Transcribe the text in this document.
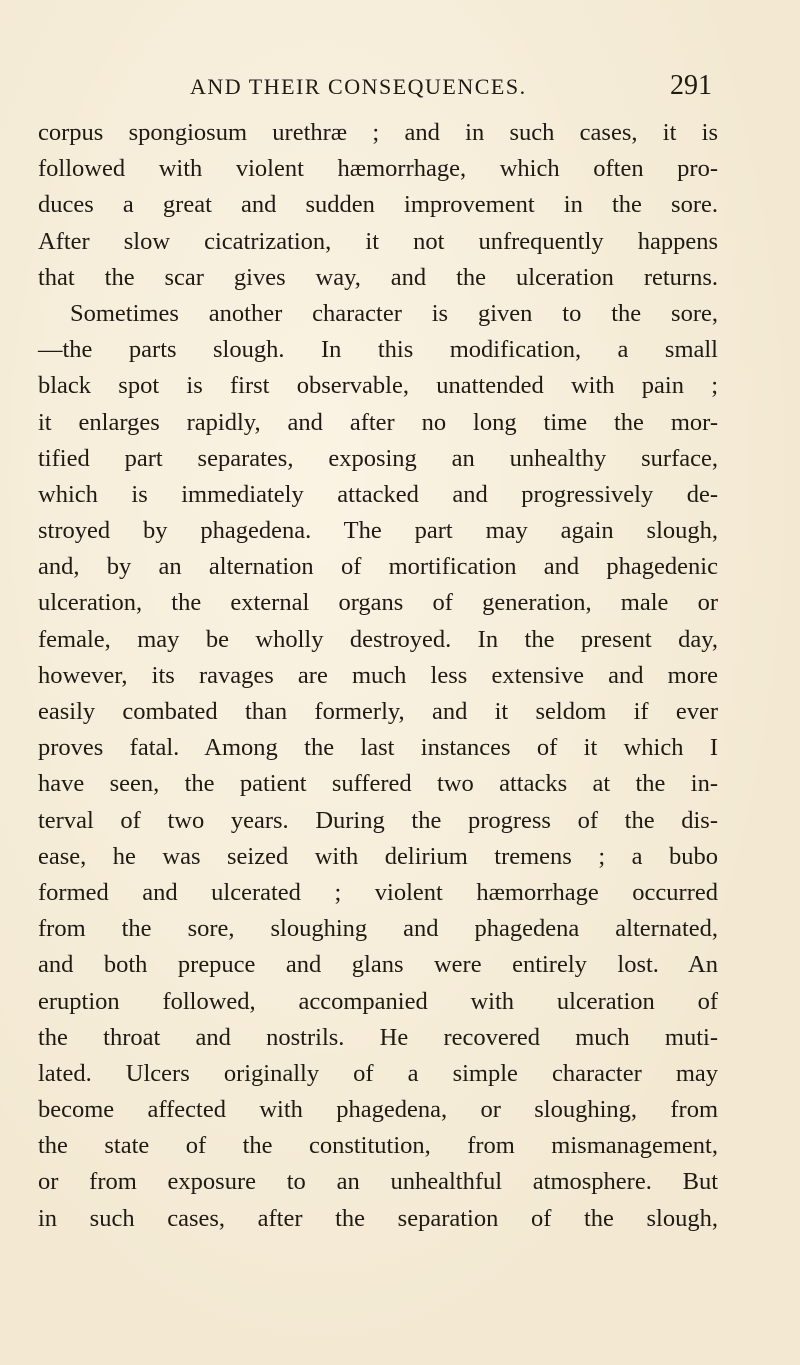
AND THEIR CONSEQUENCES.	291
corpus spongiosum urethræ ; and in such cases, it is
followed with violent hæmorrhage, which often pro-
duces a great and sudden improvement in the sore.
After slow cicatrization, it not unfrequently happens
that the scar gives way, and the ulceration returns.
Sometimes another character is given to the sore,
—the parts slough. In this modification, a small
black spot is first observable, unattended with pain ;
it enlarges rapidly, and after no long time the mor-
tified part separates, exposing an unhealthy surface,
which is immediately attacked and progressively de-
stroyed by phagedena. The part may again slough,
and, by an alternation of mortification and phagedenic
ulceration, the external organs of generation, male or
female, may be wholly destroyed. In the present day,
however, its ravages are much less extensive and more
easily combated than formerly, and it seldom if ever
proves fatal. Among the last instances of it which I
have seen, the patient suffered two attacks at the in-
terval of two years. During the progress of the dis-
ease, he was seized with delirium tremens ; a bubo
formed and ulcerated ; violent hæmorrhage occurred
from the sore, sloughing and phagedena alternated,
and both prepuce and glans were entirely lost. An
eruption followed, accompanied with ulceration of
the throat and nostrils. He recovered much muti-
lated. Ulcers originally of a simple character may
become affected with phagedena, or sloughing, from
the state of the constitution, from mismanagement,
or from exposure to an unhealthful atmosphere. But
in such cases, after the separation of the slough,
